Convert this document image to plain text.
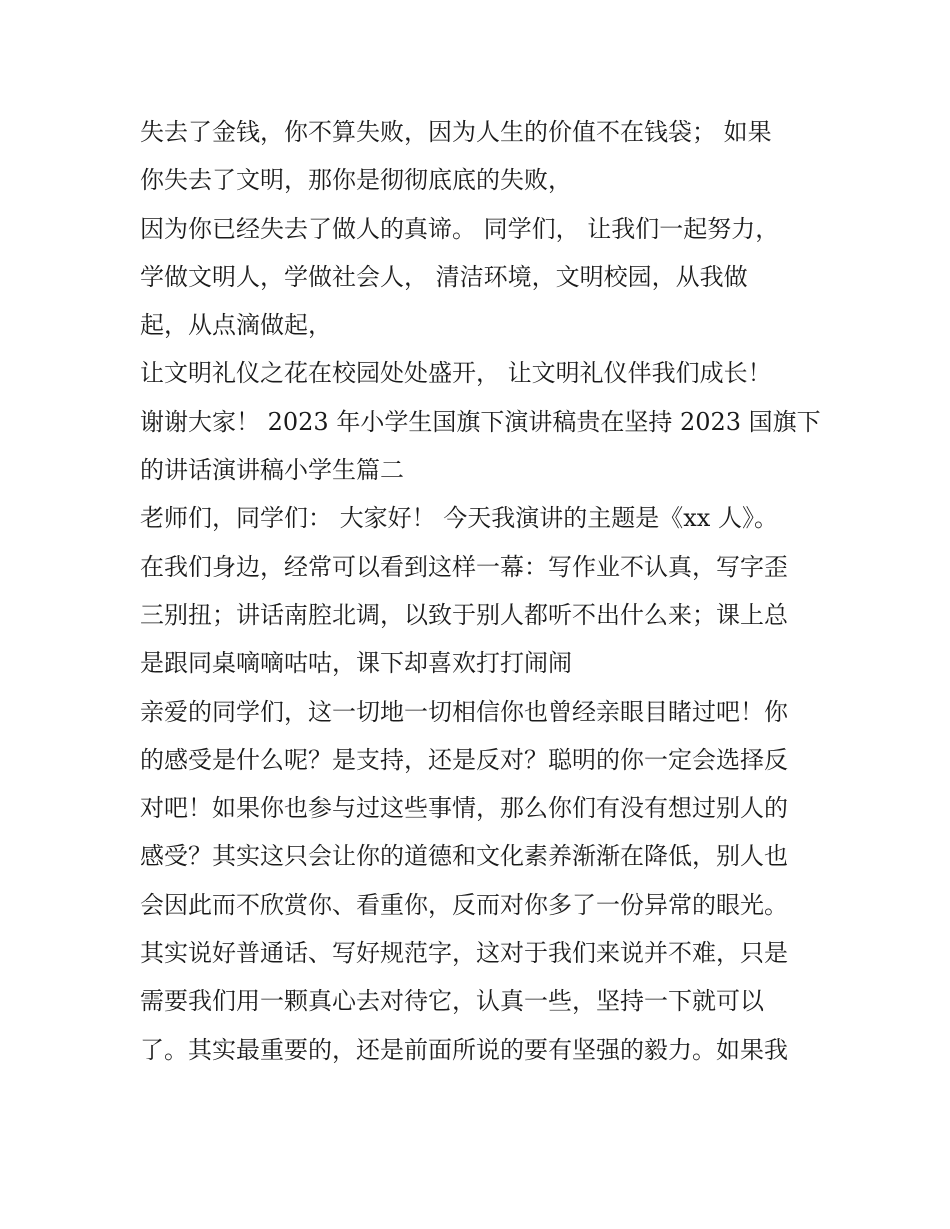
失去了金钱，你不算失败，因为人生的价值不在钱袋； 如果
你失去了文明，那你是彻彻底底的失败，
因为你已经失去了做人的真谛。 同学们， 让我们一起努力，
学做文明人，学做社会人， 清洁环境，文明校园，从我做
起，从点滴做起，
让文明礼仪之花在校园处处盛开， 让文明礼仪伴我们成长！
谢谢大家！ 2023 年小学生国旗下演讲稿贵在坚持 2023 国旗下
的讲话演讲稿小学生篇二
老师们，同学们： 大家好！ 今天我演讲的主题是《xx 人》。
在我们身边，经常可以看到这样一幕：写作业不认真，写字歪
三别扭；讲话南腔北调，以致于别人都听不出什么来；课上总
是跟同桌嘀嘀咕咕，课下却喜欢打打闹闹
亲爱的同学们，这一切地一切相信你也曾经亲眼目睹过吧！你
的感受是什么呢？是支持，还是反对？聪明的你一定会选择反
对吧！如果你也参与过这些事情，那么你们有没有想过别人的
感受？其实这只会让你的道德和文化素养渐渐在降低，别人也
会因此而不欣赏你、看重你，反而对你多了一份异常的眼光。
其实说好普通话、写好规范字，这对于我们来说并不难，只是
需要我们用一颗真心去对待它，认真一些，坚持一下就可以
了。其实最重要的，还是前面所说的要有坚强的毅力。如果我
